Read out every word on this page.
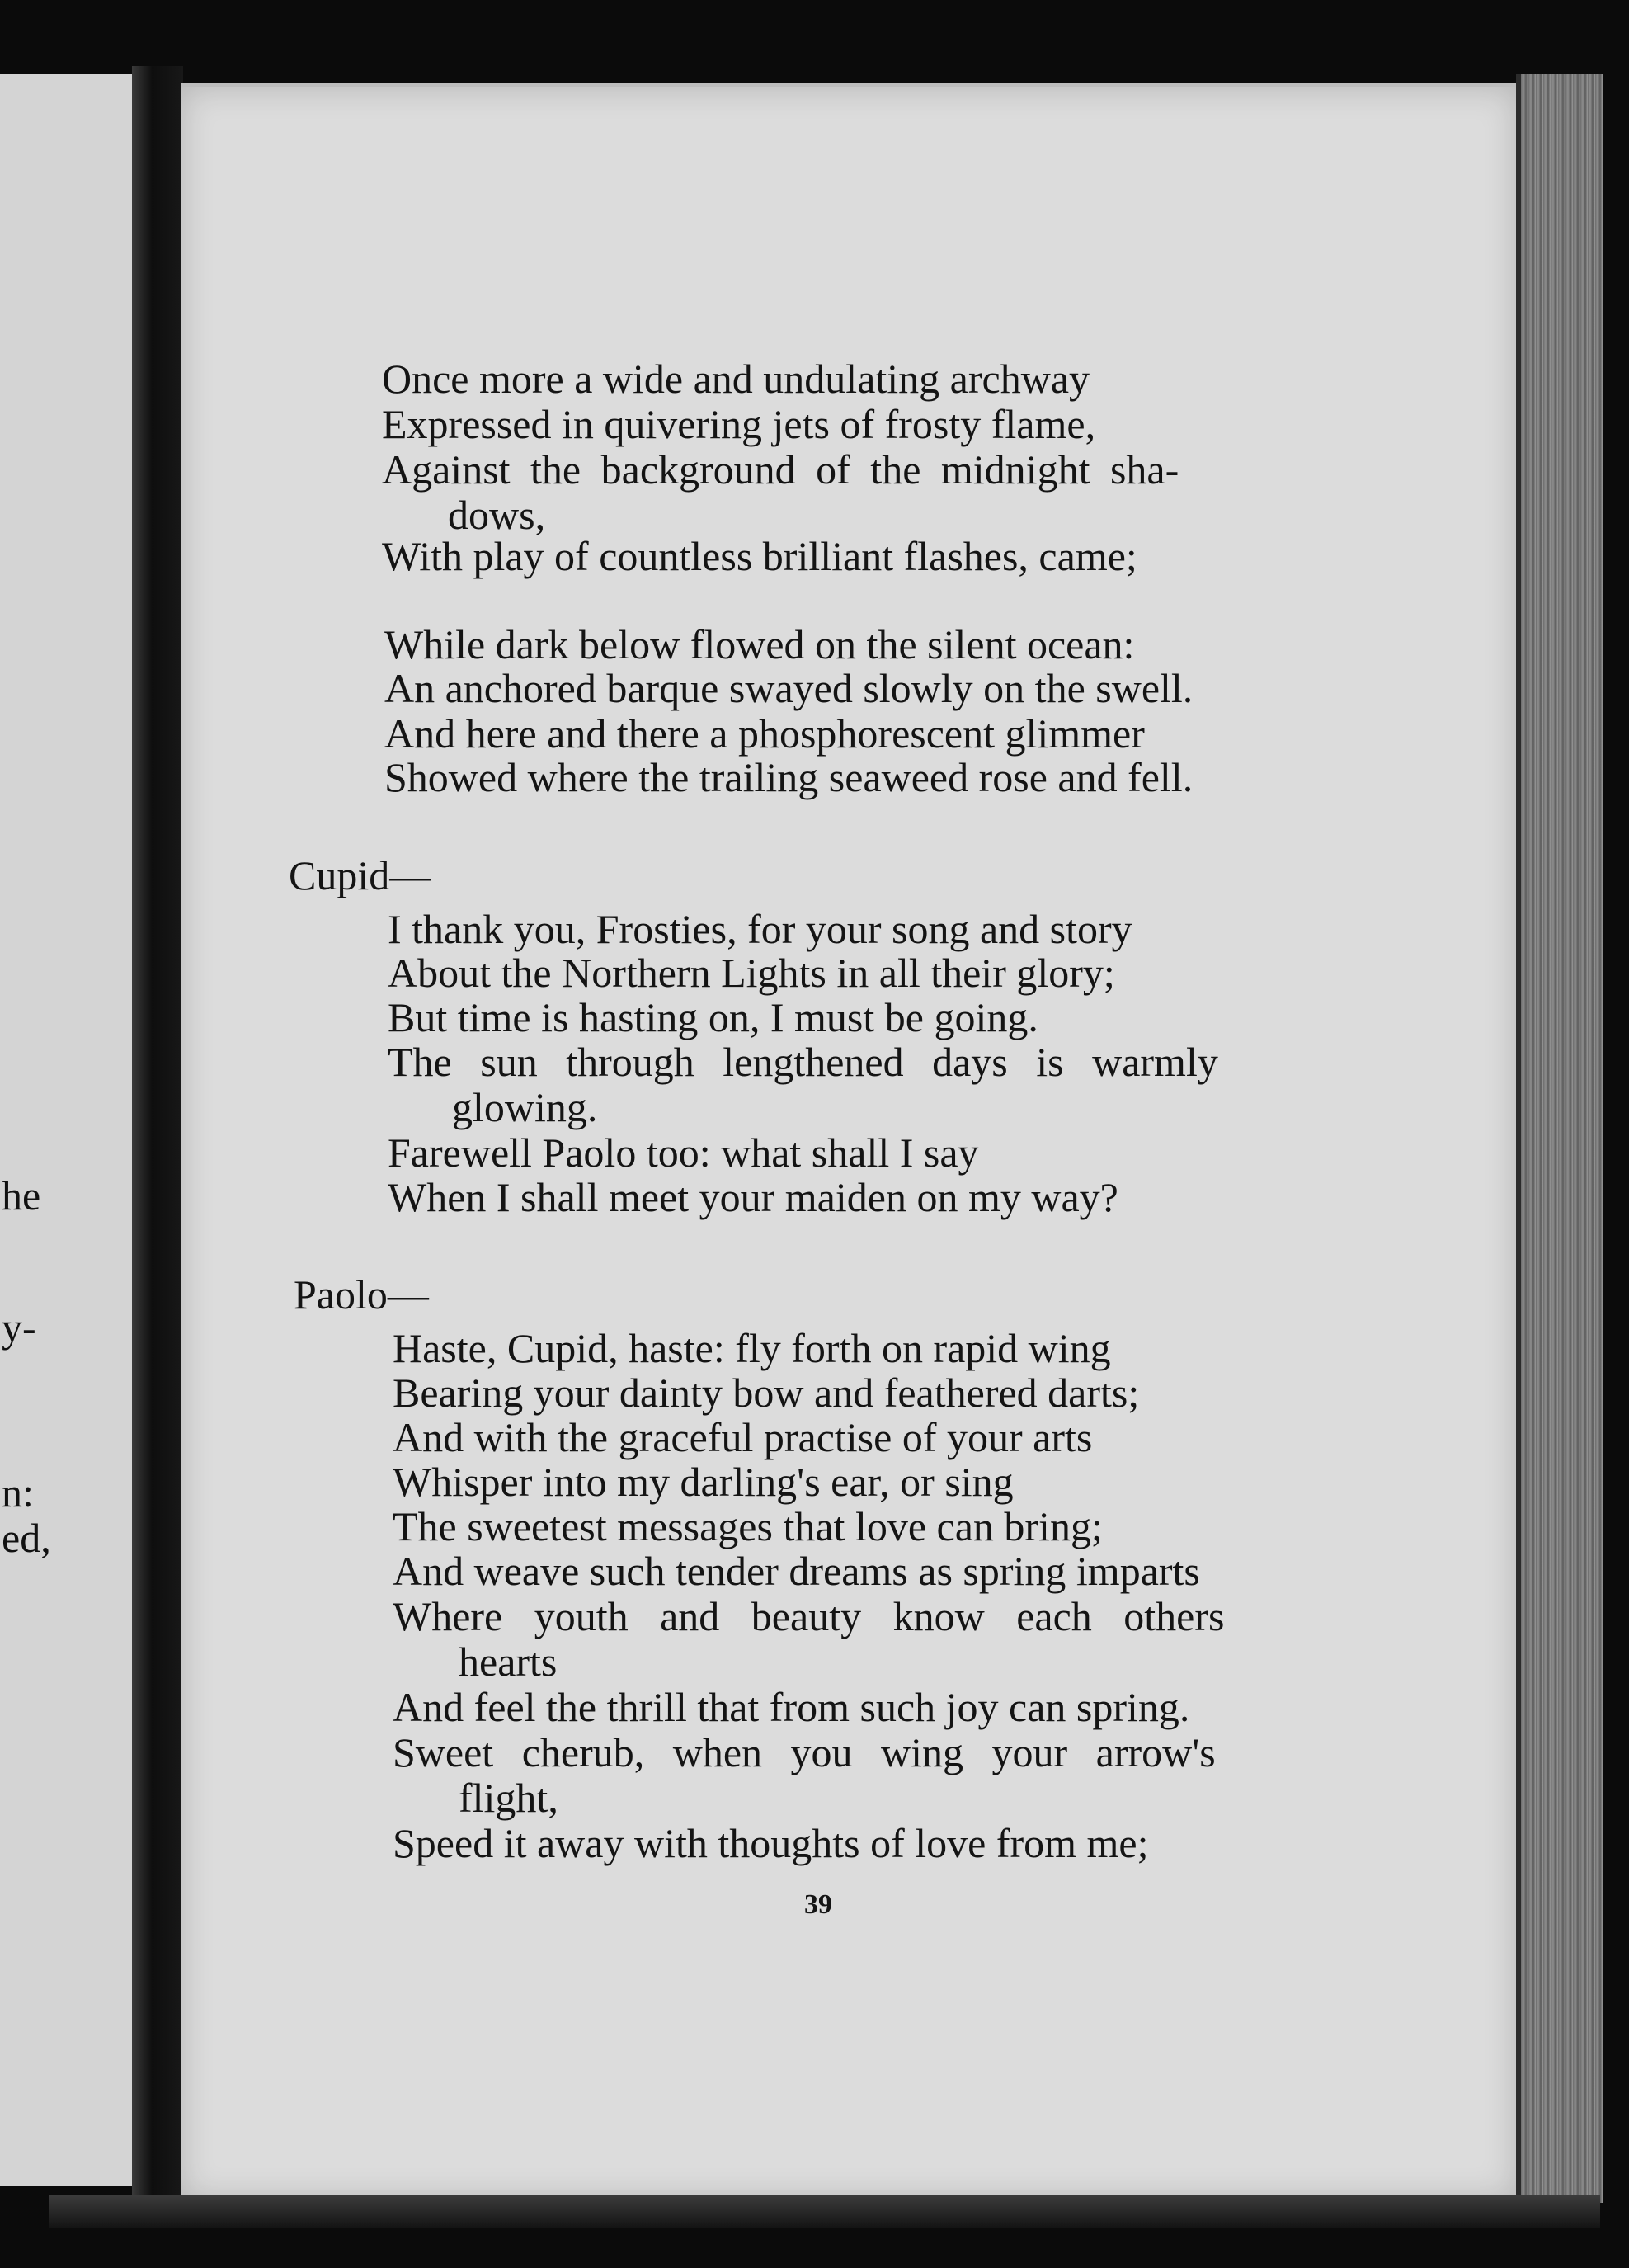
he
y-
n:
ed,
Once more a wide and undulating archway
Expressed in quivering jets of frosty flame,
Against the background of the midnight sha-
dows,
With play of countless brilliant flashes, came;
While dark below flowed on the silent ocean:
An anchored barque swayed slowly on the swell.
And here and there a phosphorescent glimmer
Showed where the trailing seaweed rose and fell.
Cupid—
I thank you, Frosties, for your song and story
About the Northern Lights in all their glory;
But time is hasting on, I must be going.
The sun through lengthened days is warmly
glowing.
Farewell Paolo too: what shall I say
When I shall meet your maiden on my way?
Paolo—
Haste, Cupid, haste: fly forth on rapid wing
Bearing your dainty bow and feathered darts;
And with the graceful practise of your arts
Whisper into my darling's ear, or sing
The sweetest messages that love can bring;
And weave such tender dreams as spring imparts
Where youth and beauty know each others
hearts
And feel the thrill that from such joy can spring.
Sweet cherub, when you wing your arrow's
flight,
Speed it away with thoughts of love from me;
39
